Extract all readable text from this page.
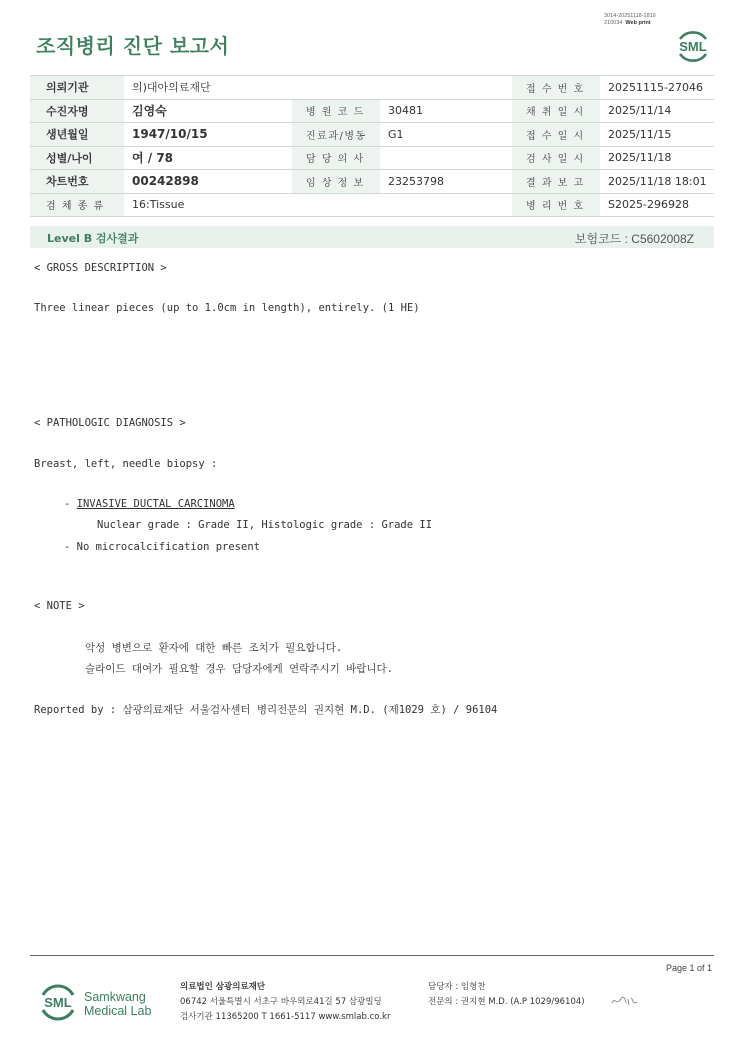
3014-20251118-1816
210034 Web print
조직병리 진단 보고서	SML
의뢰기관	의)대아의료재단			접 수 번 호	20251115-27046
수진자명	김영숙	병 원 코 드	30481	채 취 일 시	2025/11/14
생년월일	1947/10/15	진료과/병동	G1	접 수 일 시	2025/11/15
성별/나이	여 / 78	담 당 의 사		검 사 일 시	2025/11/18
차트번호	00242898	임 상 정 보	23253798	결 과 보 고	2025/11/18 18:01
검 체 종 류	16:Tissue			병 리 번 호	S2025-296928
Level B 검사결과	보험코드 : C5602008Z
< GROSS DESCRIPTION >
Three linear pieces (up to 1.0cm in length), entirely. (1 HE)
< PATHOLOGIC DIAGNOSIS >
Breast, left, needle biopsy :
- INVASIVE DUCTAL CARCINOMA
Nuclear grade : Grade II, Histologic grade : Grade II
- No microcalcification present
< NOTE >
악성 병변으로 환자에 대한 빠른 조치가 필요합니다.
슬라이드 대여가 필요할 경우 담당자에게 연락주시기 바랍니다.
Reported by : 삼광의료재단 서울검사센터 병리전문의 권지현 M.D. (제1029 호) / 96104
Page 1 of 1
SML Samkwang
Medical Lab
의료법인 삼광의료재단
06742 서울특별시 서초구 바우뫼로41길 57 삼광빌딩
검사기관 11365200 T 1661-5117 www.smlab.co.kr
담당자 : 임형찬
전문의 : 권지현 M.D. (A.P 1029/96104)
